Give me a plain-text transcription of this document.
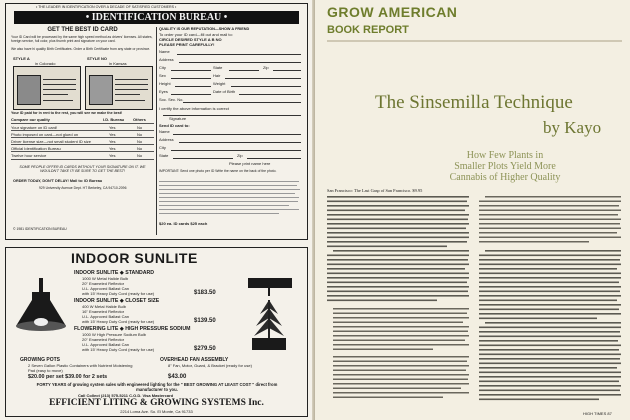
• THE LEADER IN IDENTIFICATION OVER A DECADE OF SATISFIED CUSTOMERS •
• IDENTIFICATION BUREAU •
GET THE BEST ID CARD
Your ID Card will be processed by the same high speed method as drivers' licenses. All states, foreign service, full color, plus thumb print and signature on your card.
We also have hi quality Birth Certificates. Order a Birth Certificate from any state or province.
STYLE A	STYLE NO
in Colorado	in Kansas
Your ID paid for in rent to the rest, you will see we make the best!
Compare our quality	I.D. Bureau Others
Your signature on ID card!	Yes	No
Photo imposed on card—not glued on	Yes	No
Driver license size—not small student ID size	Yes	No
Official Identification Bureau	Yes	No
Twelve hour service	Yes	No
SOME PEOPLE OFFER ID CARDS WITHOUT YOUR SIGNATURE ON IT. WE WOULDN'T TAKE IT! BE SURE TO GET THE BEST!
ORDER TODAY, DON'T DELAY! Mail to: ID Bureau
929 University Avenue Dept. HT Berkeley, CA 94710-2096
© 1981 IDENTIFICATION BUREAU
QUALITY IS OUR REPUTATION—SHOW A FRIEND
To order your ID card—fill out and mail to:
CIRCLE DESIRED STYLE A B NO
PLEASE PRINT CAREFULLY!
Name
Address
City	State	Zip
Sex
Height	Weight
Eyes
Hair
Date of Birth
Soc. Sec. No.
I certify the above information is correct
Signature
Send ID card to:
Name
Address
City
State	Zip
Please print name here
IMPORTANT: Send one photo per ID Write the name on the back of the photo.
$20 ea. ID cards $25 each
INDOOR SUNLITE
INDOOR SUNLITE ◆ STANDARD
1000 W Metal Halide Bulb
20" Enameled Reflector
U.L. Approved Ballast Can
with 15' Heavy Duty Cord (ready for use)	$183.50
INDOOR SUNLITE ◆ CLOSET SIZE
400 W Metal Halide Bulb
16" Enameled Reflector
U.L. Approved Ballast Can
with 15' Heavy Duty Cord (ready for use)	$139.50
FLOWERING LITE ◆ HIGH PRESSURE SODIUM
1000 W High Pressure Sodium Bulb
20" Enameled Reflector
U.L. Approved Ballast Can
with 15' Heavy Duty Cord (ready for use)	$279.50
GROWING POTS
2 Seven Gallon Plastic Containers with Nutrient Moistening Pad (easy to move)
$20.00 per set $39.00 for 2 sets
OVERHEAD FAN ASSEMBLY
8" Fan, Motor, Guard, & Bracket (ready for use)
$43.00
FORTY YEARS of growing system sales with engineered lighting for the " BEST GROWING AT LEAST COST " direct from manufacturer to you.
Call Collect (213) 575-5211 C.O.D. Visa Mastercard
EFFICIENT LITING & GROWING SYSTEMS Inc.
2214 Loma Ave. So. El Monte, Ca 91733
GROW AMERICAN
BOOK REPORT
The Sinsemilla Technique
by Kayo
How Few Plants in
Smaller Plots Yield More
Cannabis of Higher Quality
San Francisco: The Last Gasp of San Francisco. $9.95
HIGH TIMES 87
